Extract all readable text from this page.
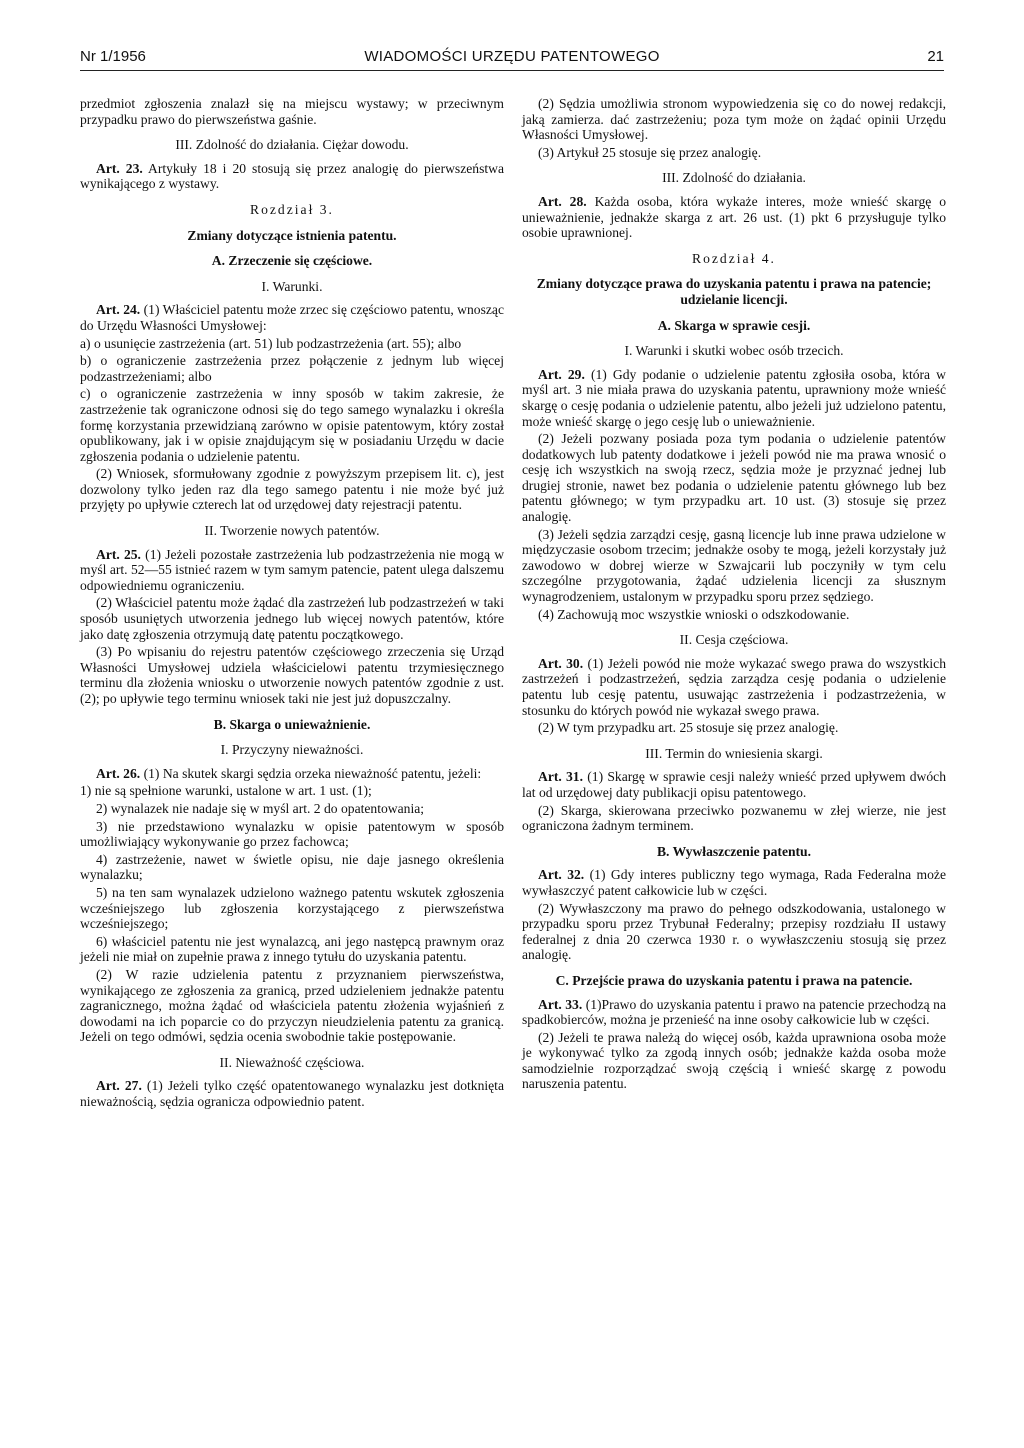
Nr 1/1956	WIADOMOŚCI URZĘDU PATENTOWEGO	21

przedmiot zgłoszenia znalazł się na miejscu wystawy; w przeciwnym przypadku prawo do pierwszeństwa gaśnie.

III. Zdolność do działania. Ciężar dowodu.

Art. 23. Artykuły 18 i 20 stosują się przez analogię do pierwszeństwa wynikającego z wystawy.

Rozdział 3.

Zmiany dotyczące istnienia patentu.

A. Zrzeczenie się częściowe.

I. Warunki.

Art. 24. (1) Właściciel patentu może zrzec się częściowo patentu, wnosząc do Urzędu Własności Umysłowej:

a) o usunięcie zastrzeżenia (art. 51) lub podzastrzeżenia (art. 55); albo

b) o ograniczenie zastrzeżenia przez połączenie z jednym lub więcej podzastrzeżeniami; albo

c) o ograniczenie zastrzeżenia w inny sposób w takim zakresie, że zastrzeżenie tak ograniczone odnosi się do tego samego wynalazku i określa formę korzystania przewidzianą zarówno w opisie patentowym, który został opublikowany, jak i w opisie znajdującym się w posiadaniu Urzędu w dacie zgłoszenia podania o udzielenie patentu.

(2) Wniosek, sformułowany zgodnie z powyższym przepisem lit. c), jest dozwolony tylko jeden raz dla tego samego patentu i nie może być już przyjęty po upływie czterech lat od urzędowej daty rejestracji patentu.

II. Tworzenie nowych patentów.

Art. 25. (1) Jeżeli pozostałe zastrzeżenia lub podzastrzeżenia nie mogą w myśl art. 52—55 istnieć razem w tym samym patencie, patent ulega dalszemu odpowiedniemu ograniczeniu.

(2) Właściciel patentu może żądać dla zastrzeżeń lub podzastrzeżeń w taki sposób usuniętych utworzenia jednego lub więcej nowych patentów, które jako datę zgłoszenia otrzymują datę patentu początkowego.

(3) Po wpisaniu do rejestru patentów częściowego zrzeczenia się Urząd Własności Umysłowej udziela właścicielowi patentu trzymiesięcznego terminu dla złożenia wniosku o utworzenie nowych patentów zgodnie z ust. (2); po upływie tego terminu wniosek taki nie jest już dopuszczalny.

B. Skarga o unieważnienie.

I. Przyczyny nieważności.

Art. 26. (1) Na skutek skargi sędzia orzeka nieważność patentu, jeżeli:

1) nie są spełnione warunki, ustalone w art. 1 ust. (1);

2) wynalazek nie nadaje się w myśl art. 2 do opatentowania;

3) nie przedstawiono wynalazku w opisie patentowym w sposób umożliwiający wykonywanie go przez fachowca;

4) zastrzeżenie, nawet w świetle opisu, nie daje jasnego określenia wynalazku;

5) na ten sam wynalazek udzielono ważnego patentu wskutek zgłoszenia wcześniejszego lub zgłoszenia korzystającego z pierwszeństwa wcześniejszego;

6) właściciel patentu nie jest wynalazcą, ani jego następcą prawnym oraz jeżeli nie miał on zupełnie prawa z innego tytułu do uzyskania patentu.

(2) W razie udzielenia patentu z przyznaniem pierwszeństwa, wynikającego ze zgłoszenia za granicą, przed udzieleniem jednakże patentu zagranicznego, można żądać od właściciela patentu złożenia wyjaśnień z dowodami na ich poparcie co do przyczyn nieudzielenia patentu za granicą. Jeżeli on tego odmówi, sędzia ocenia swobodnie takie postępowanie.

II. Nieważność częściowa.

Art. 27. (1) Jeżeli tylko część opatentowanego wynalazku jest dotknięta nieważnością, sędzia ogranicza odpowiednio patent.

(2) Sędzia umożliwia stronom wypowiedzenia się co do nowej redakcji, jaką zamierza. dać zastrzeżeniu; poza tym może on żądać opinii Urzędu Własności Umysłowej.

(3) Artykuł 25 stosuje się przez analogię.

III. Zdolność do działania.

Art. 28. Każda osoba, która wykaże interes, może wnieść skargę o unieważnienie, jednakże skarga z art. 26 ust. (1) pkt 6 przysługuje tylko osobie uprawnionej.

Rozdział 4.

Zmiany dotyczące prawa do uzyskania patentu i prawa na patencie; udzielanie licencji.

A. Skarga w sprawie cesji.

I. Warunki i skutki wobec osób trzecich.

Art. 29. (1) Gdy podanie o udzielenie patentu zgłosiła osoba, która w myśl art. 3 nie miała prawa do uzyskania patentu, uprawniony może wnieść skargę o cesję podania o udzielenie patentu, albo jeżeli już udzielono patentu, może wnieść skargę o jego cesję lub o unieważnienie.

(2) Jeżeli pozwany posiada poza tym podania o udzielenie patentów dodatkowych lub patenty dodatkowe i jeżeli powód nie ma prawa wnosić o cesję ich wszystkich na swoją rzecz, sędzia może je przyznać jednej lub drugiej stronie, nawet bez podania o udzielenie patentu głównego lub bez patentu głównego; w tym przypadku art. 10 ust. (3) stosuje się przez analogię.

(3) Jeżeli sędzia zarządzi cesję, gasną licencje lub inne prawa udzielone w międzyczasie osobom trzecim; jednakże osoby te mogą, jeżeli korzystały już zawodowo w dobrej wierze w Szwajcarii lub poczyniły w tym celu szczególne przygotowania, żądać udzielenia licencji za słusznym wynagrodzeniem, ustalonym w przypadku sporu przez sędziego.

(4) Zachowują moc wszystkie wnioski o odszkodowanie.

II. Cesja częściowa.

Art. 30. (1) Jeżeli powód nie może wykazać swego prawa do wszystkich zastrzeżeń i podzastrzeżeń, sędzia zarządza cesję podania o udzielenie patentu lub cesję patentu, usuwając zastrzeżenia i podzastrzeżenia, w stosunku do których powód nie wykazał swego prawa.

(2) W tym przypadku art. 25 stosuje się przez analogię.

III. Termin do wniesienia skargi.

Art. 31. (1) Skargę w sprawie cesji należy wnieść przed upływem dwóch lat od urzędowej daty publikacji opisu patentowego.

(2) Skarga, skierowana przeciwko pozwanemu w złej wierze, nie jest ograniczona żadnym terminem.

B. Wywłaszczenie patentu.

Art. 32. (1) Gdy interes publiczny tego wymaga, Rada Federalna może wywłaszczyć patent całkowicie lub w części.

(2) Wywłaszczony ma prawo do pełnego odszkodowania, ustalonego w przypadku sporu przez Trybunał Federalny; przepisy rozdziału II ustawy federalnej z dnia 20 czerwca 1930 r. o wywłaszczeniu stosują się przez analogię.

C. Przejście prawa do uzyskania patentu i prawa na patencie.

Art. 33. (1)Prawo do uzyskania patentu i prawo na patencie przechodzą na spadkobierców, można je przenieść na inne osoby całkowicie lub w części.

(2) Jeżeli te prawa należą do więcej osób, każda uprawniona osoba może je wykonywać tylko za zgodą innych osób; jednakże każda osoba może samodzielnie rozporządzać swoją częścią i wnieść skargę z powodu naruszenia patentu.
